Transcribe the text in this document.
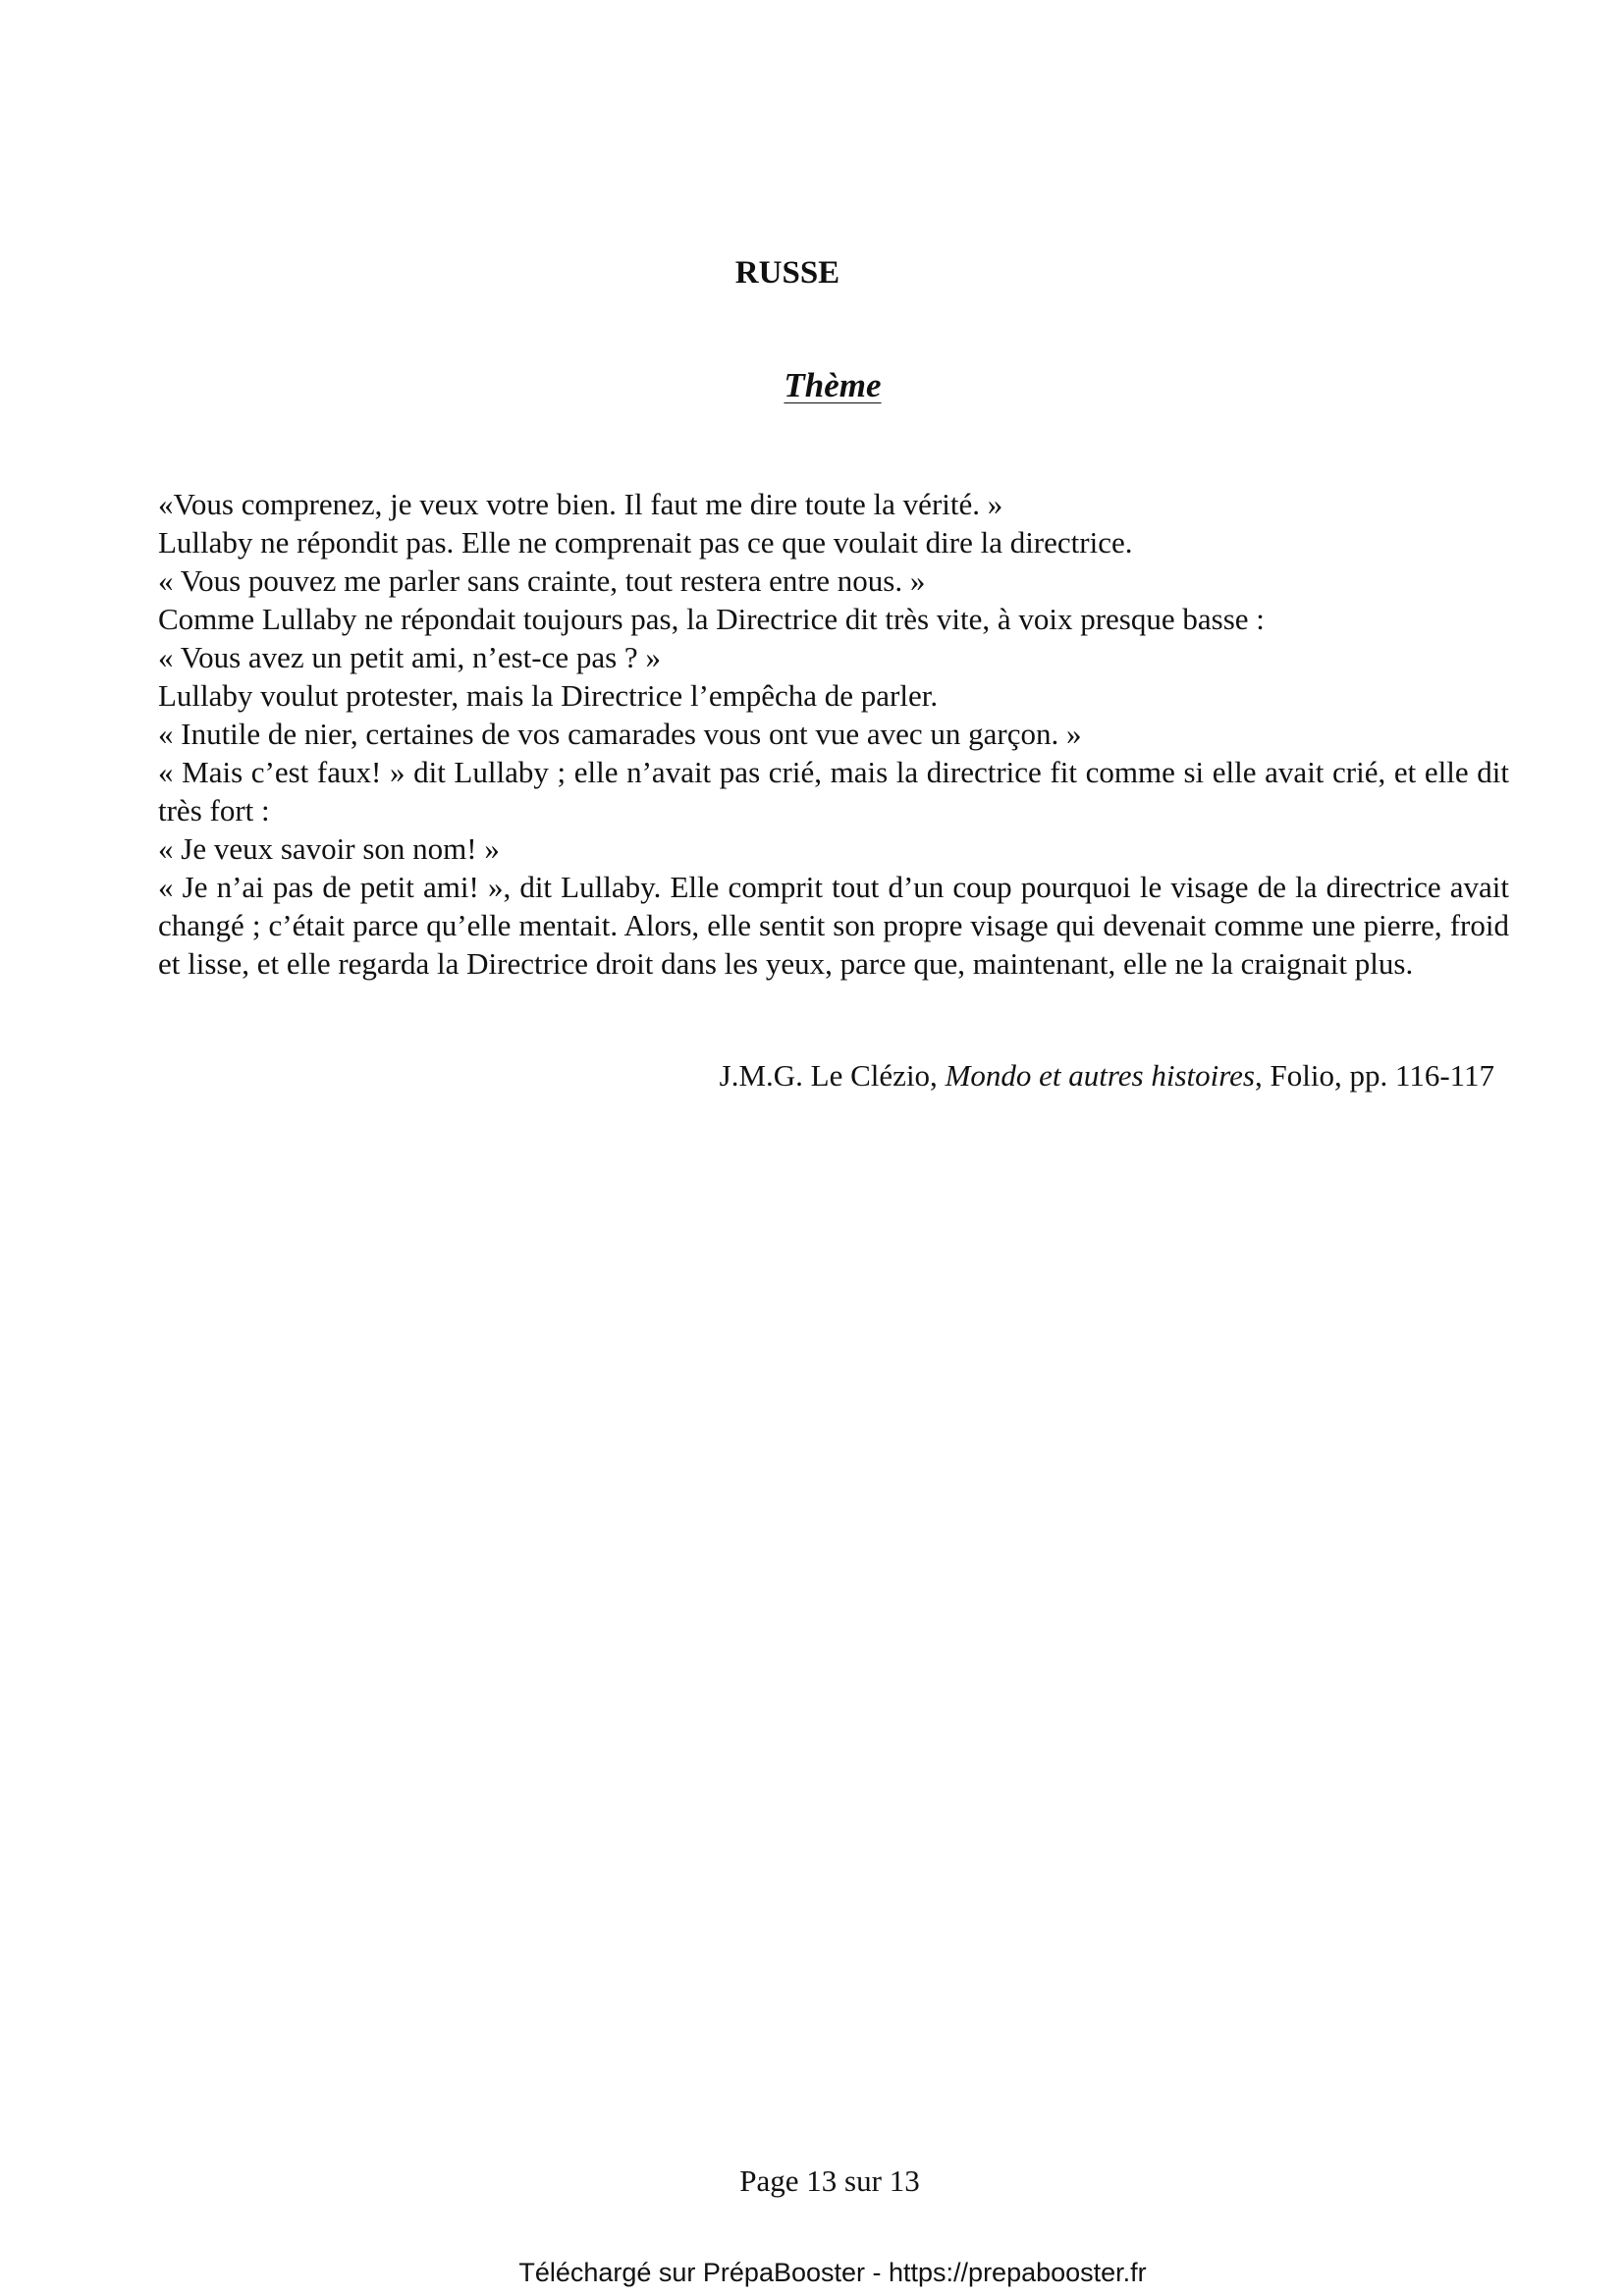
RUSSE
Thème

«Vous comprenez, je veux votre bien. Il faut me dire toute la vérité. »

Lullaby ne répondit pas. Elle ne comprenait pas ce que voulait dire la directrice.

« Vous pouvez me parler sans crainte, tout restera entre nous. »

Comme Lullaby ne répondait toujours pas, la Directrice dit très vite, à voix presque basse :

« Vous avez un petit ami, n’est-ce pas ? »

Lullaby voulut protester, mais la Directrice l’empêcha de parler.

« Inutile de nier, certaines de vos camarades vous ont vue avec un garçon. »

« Mais c’est faux! » dit Lullaby ; elle n’avait pas crié, mais la directrice fit comme si elle avait crié, et elle dit très fort :

« Je veux savoir son nom! »

« Je n’ai pas de petit ami! », dit Lullaby. Elle comprit tout d’un coup pourquoi le visage de la directrice avait changé ; c’était parce qu’elle mentait. Alors, elle sentit son propre visage qui devenait comme une pierre, froid et lisse, et elle regarda la Directrice droit dans les yeux, parce que, maintenant, elle ne la craignait plus.

J.M.G. Le Clézio, Mondo et autres histoires, Folio, pp. 116-117

Page 13 sur 13

Téléchargé sur PrépaBooster - https://prepabooster.fr
